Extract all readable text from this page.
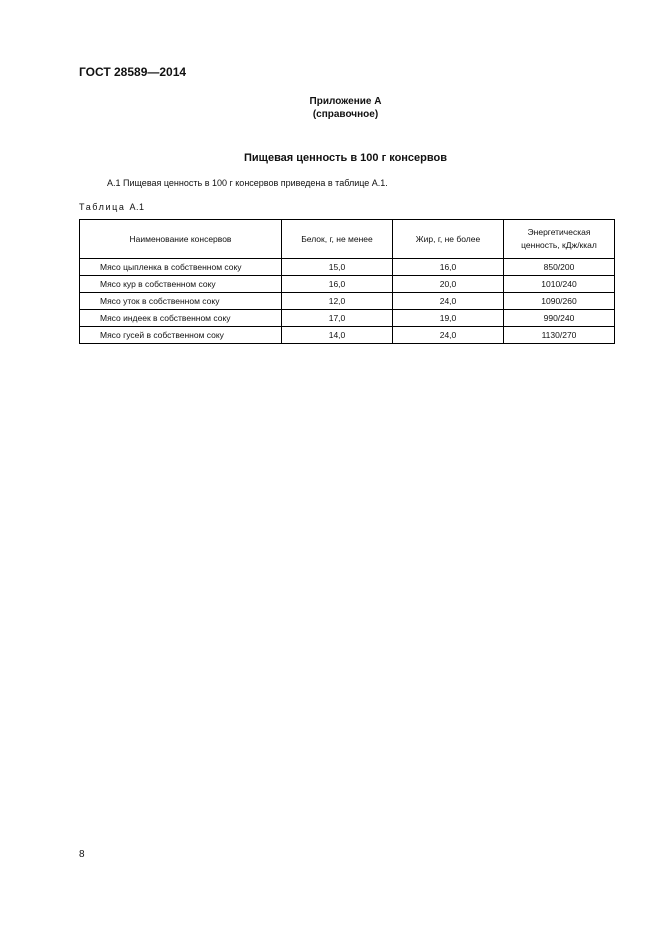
ГОСТ 28589—2014
Приложение А
(справочное)
Пищевая ценность в 100 г консервов
А.1 Пищевая ценность в 100 г консервов приведена в таблице А.1.
Таблица А.1
Наименование консервов	Белок, г, не менее	Жир, г, не более	Энергетическая ценность, кДж/ккал
Мясо цыпленка в собственном соку	15,0	16,0	850/200
Мясо кур в собственном соку	16,0	20,0	1010/240
Мясо уток в собственном соку	12,0	24,0	1090/260
Мясо индеек в собственном соку	17,0	19,0	990/240
Мясо гусей в собственном соку	14,0	24,0	1130/270
8
